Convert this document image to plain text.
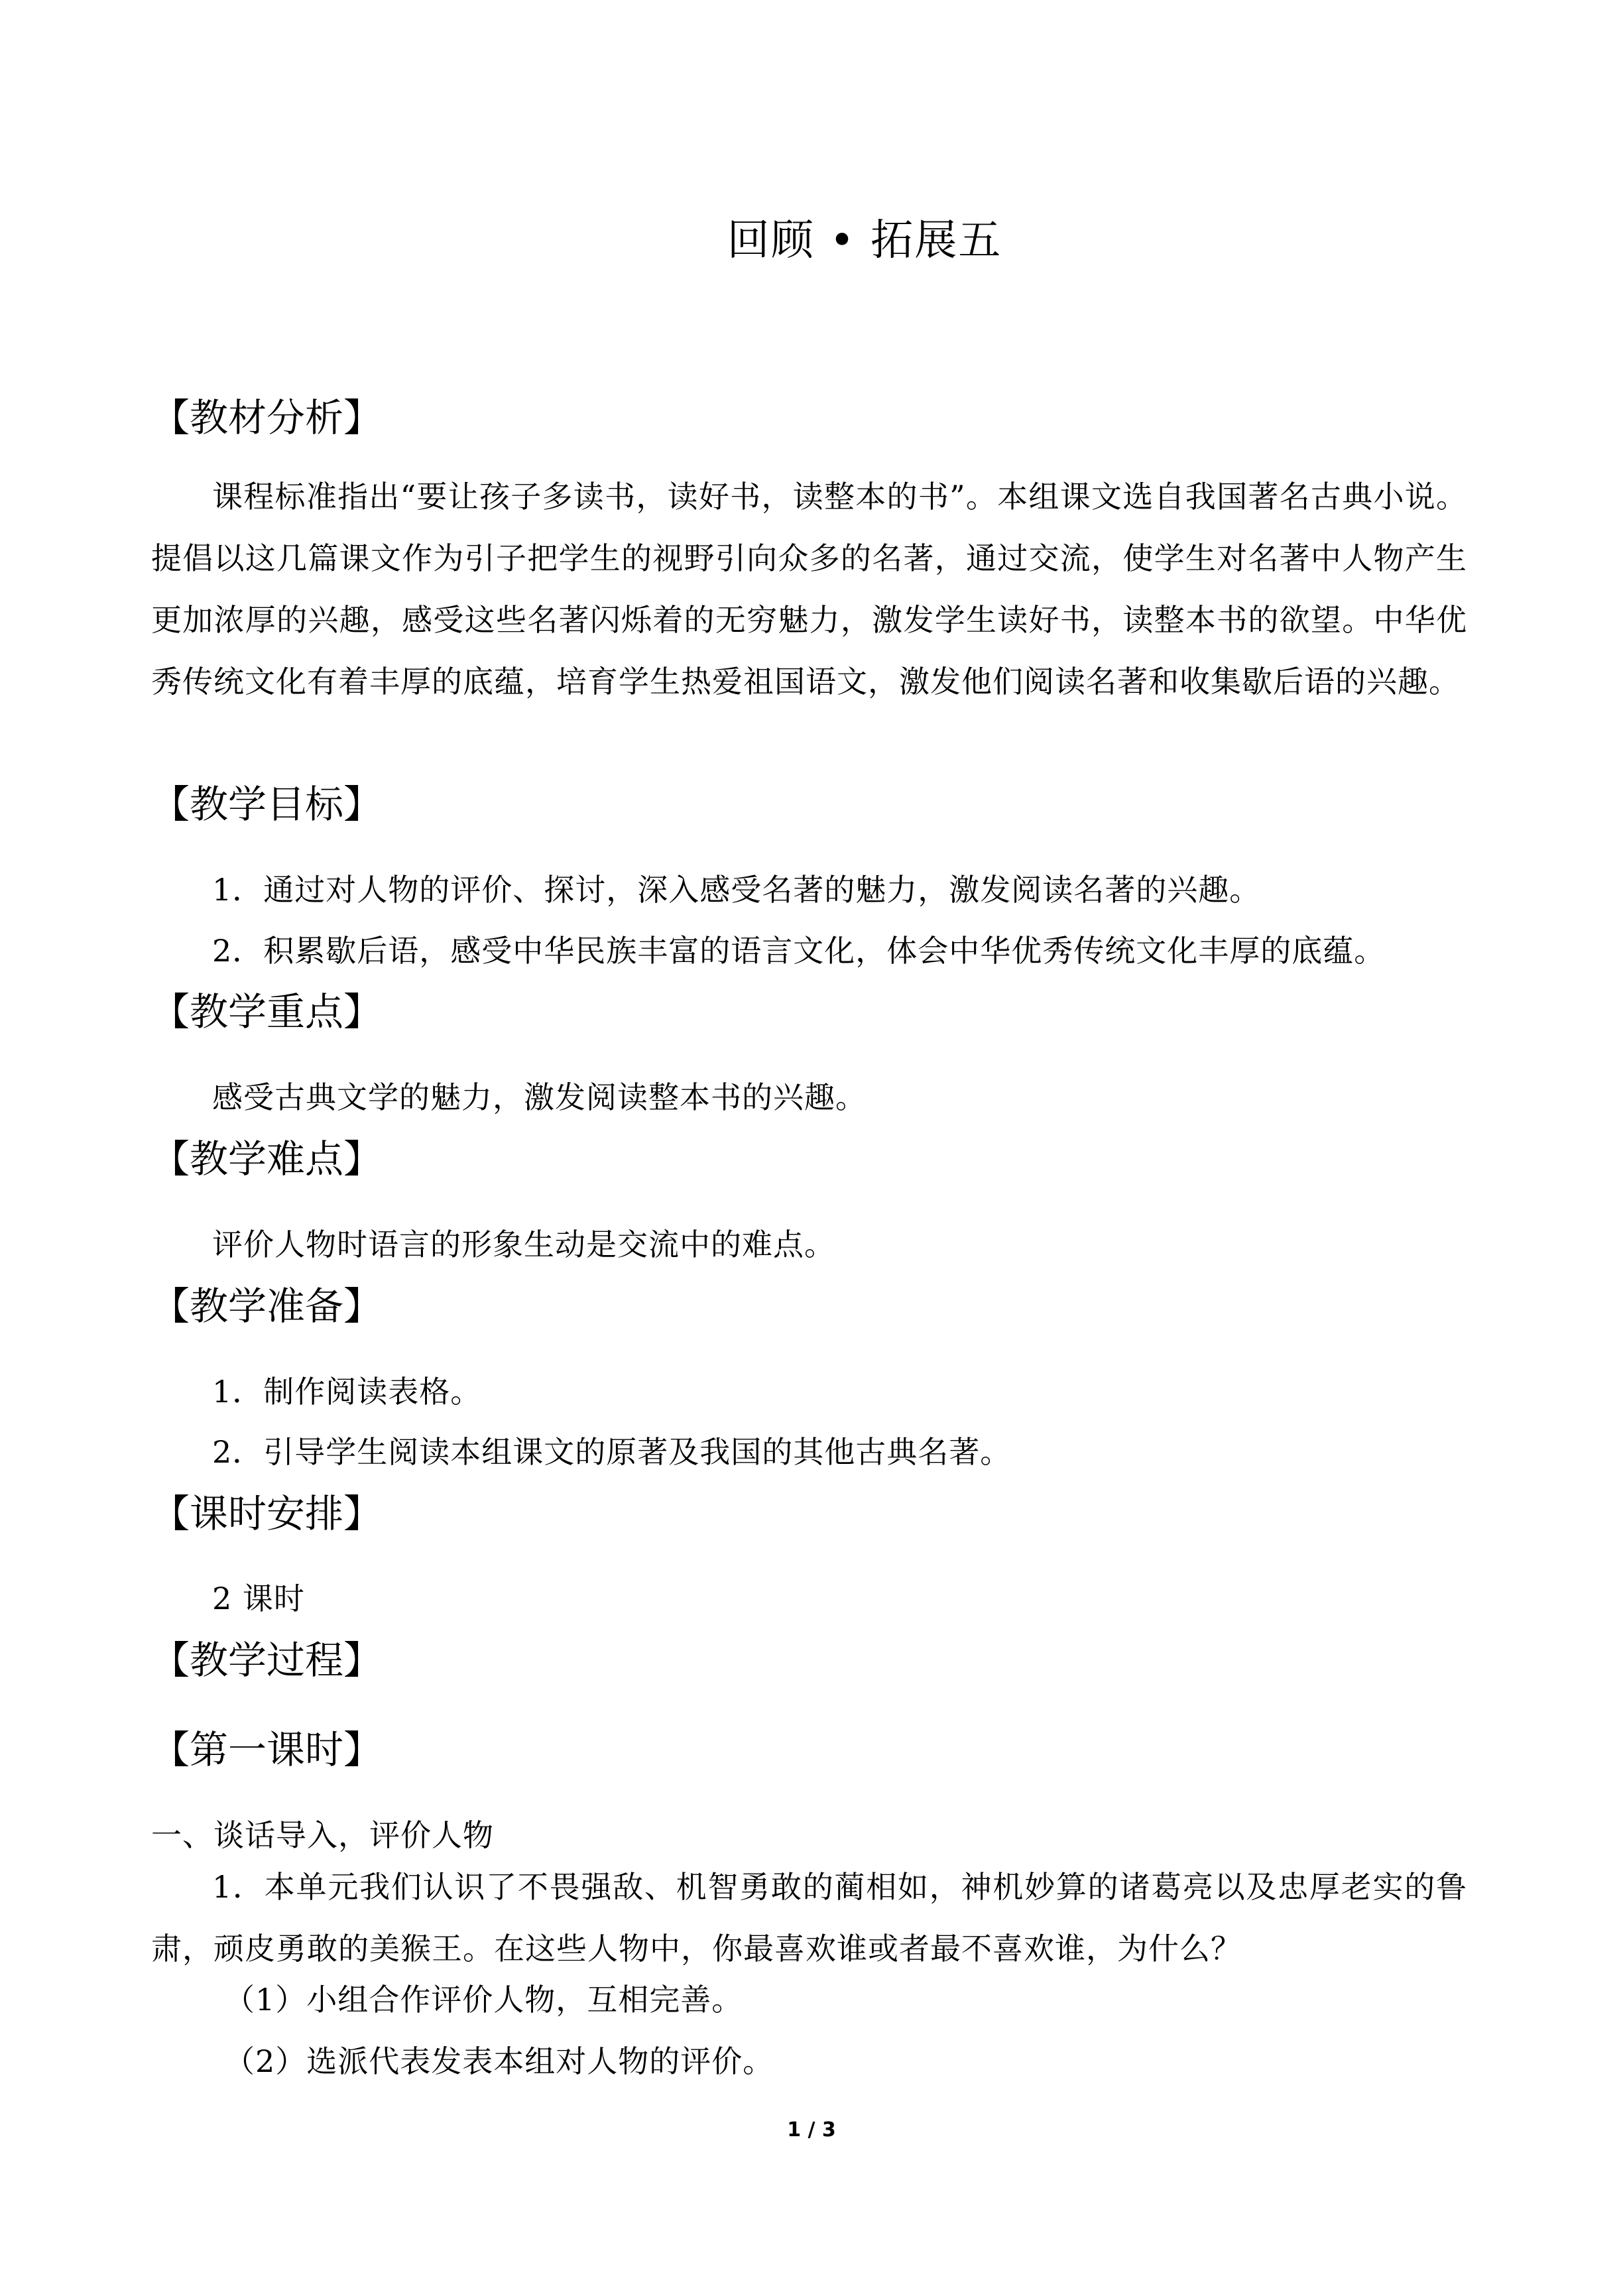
回顾 • 拓展五
【教材分析】
课程标准指出“要让孩子多读书，读好书，读整本的书”。本组课文选自我国著名古典小说。提倡以这几篇课文作为引子把学生的视野引向众多的名著，通过交流，使学生对名著中人物产生更加浓厚的兴趣，感受这些名著闪烁着的无穷魅力，激发学生读好书，读整本书的欲望。中华优秀传统文化有着丰厚的底蕴，培育学生热爱祖国语文，激发他们阅读名著和收集歇后语的兴趣。
【教学目标】
1．通过对人物的评价、探讨，深入感受名著的魅力，激发阅读名著的兴趣。
2．积累歇后语，感受中华民族丰富的语言文化，体会中华优秀传统文化丰厚的底蕴。
【教学重点】
感受古典文学的魅力，激发阅读整本书的兴趣。
【教学难点】
评价人物时语言的形象生动是交流中的难点。
【教学准备】
1．制作阅读表格。
2．引导学生阅读本组课文的原著及我国的其他古典名著。
【课时安排】
2 课时
【教学过程】
【第一课时】
一、谈话导入，评价人物
1．本单元我们认识了不畏强敌、机智勇敢的蔺相如，神机妙算的诸葛亮以及忠厚老实的鲁肃，顽皮勇敢的美猴王。在这些人物中，你最喜欢谁或者最不喜欢谁，为什么？
（1）小组合作评价人物，互相完善。
（2）选派代表发表本组对人物的评价。
1 / 3
